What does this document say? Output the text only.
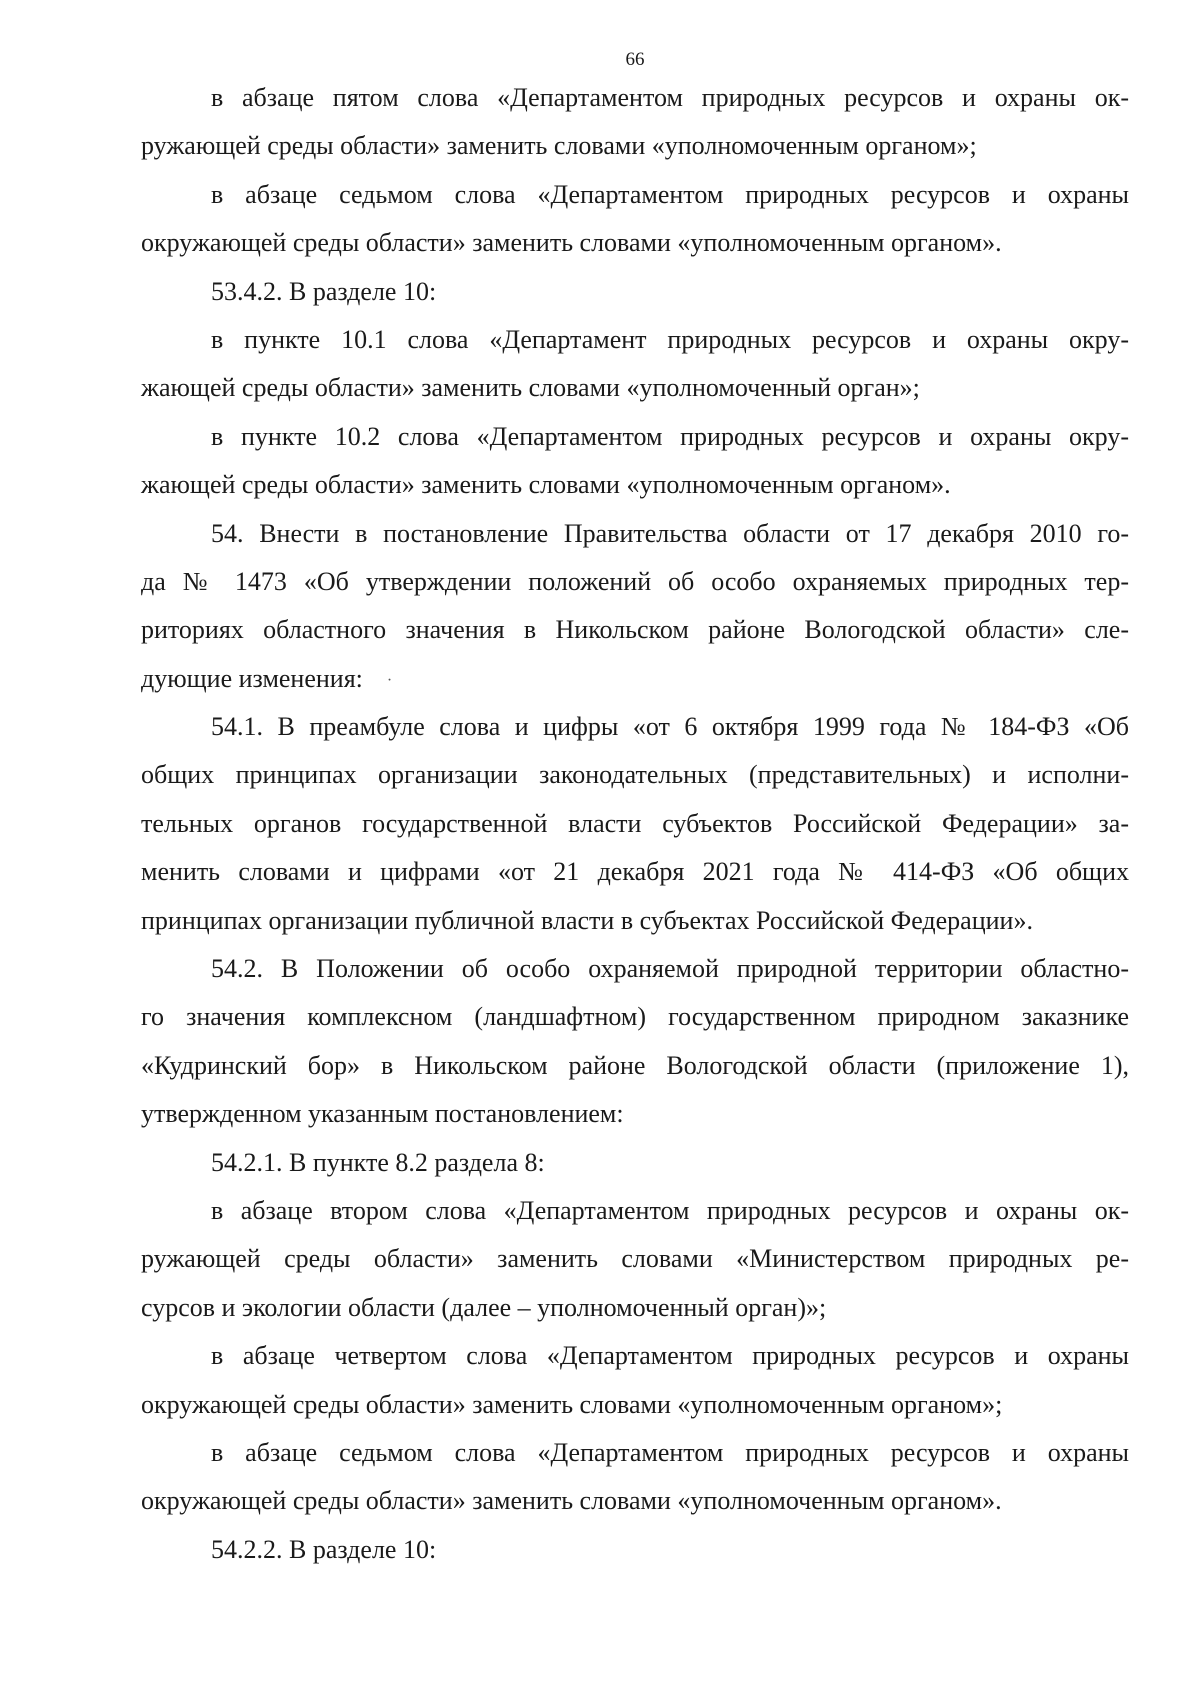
66

в абзаце пятом слова «Департаментом природных ресурсов и охраны ок-
ружающей среды области» заменить словами «уполномоченным органом»;
в абзаце седьмом слова «Департаментом природных ресурсов и охраны
окружающей среды области» заменить словами «уполномоченным органом».
53.4.2. В разделе 10:
в пункте 10.1 слова «Департамент природных ресурсов и охраны окру-
жающей среды области» заменить словами «уполномоченный орган»;
в пункте 10.2 слова «Департаментом природных ресурсов и охраны окру-
жающей среды области» заменить словами «уполномоченным органом».
54. Внести в постановление Правительства области от 17 декабря 2010 го-
да № 1473 «Об утверждении положений об особо охраняемых природных тер-
риториях областного значения в Никольском районе Вологодской области» сле-
дующие изменения: ·
54.1. В преамбуле слова и цифры «от 6 октября 1999 года № 184-ФЗ «Об
общих принципах организации законодательных (представительных) и исполни-
тельных органов государственной власти субъектов Российской Федерации» за-
менить словами и цифрами «от 21 декабря 2021 года № 414-ФЗ «Об общих
принципах организации публичной власти в субъектах Российской Федерации».
54.2. В Положении об особо охраняемой природной территории областно-
го значения комплексном (ландшафтном) государственном природном заказнике
«Кудринский бор» в Никольском районе Вологодской области (приложение 1),
утвержденном указанным постановлением:
54.2.1. В пункте 8.2 раздела 8:
в абзаце втором слова «Департаментом природных ресурсов и охраны ок-
ружающей среды области» заменить словами «Министерством природных ре-
сурсов и экологии области (далее – уполномоченный орган)»;
в абзаце четвертом слова «Департаментом природных ресурсов и охраны
окружающей среды области» заменить словами «уполномоченным органом»;
в абзаце седьмом слова «Департаментом природных ресурсов и охраны
окружающей среды области» заменить словами «уполномоченным органом».
54.2.2. В разделе 10:
